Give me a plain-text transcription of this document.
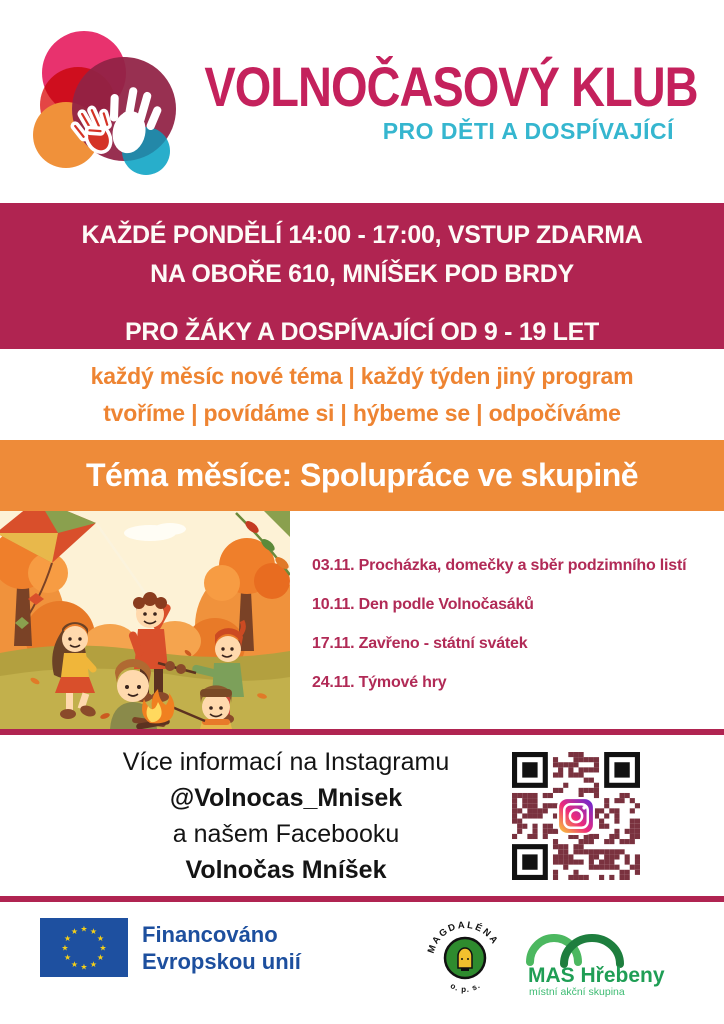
VOLNOČASOVÝ KLUB
PRO DĚTI A DOSPÍVAJÍCÍ
KAŽDÉ PONDĚLÍ 14:00 - 17:00, VSTUP ZDARMA
NA OBOŘE 610, MNÍŠEK POD BRDY
PRO ŽÁKY A DOSPÍVAJÍCÍ OD 9 - 19 LET
každý měsíc nové téma | každý týden jiný program
tvoříme | povídáme si | hýbeme se | odpočíváme
Téma měsíce: Spolupráce ve skupině
03.11. Procházka, domečky a sběr podzimního listí
10.11. Den podle Volnočasáků
17.11. Zavřeno - státní svátek
24.11. Týmové hry
Více informací na Instagramu
@Volnocas_Mnisek
a našem Facebooku
Volnočas Mníšek
★ ★
★
★
★
★
★
★
★
★
★
★	Financováno
Evropskou unií
MAGDALÉNA
o. p. s. MAS Hřebeny
místní akční skupina
